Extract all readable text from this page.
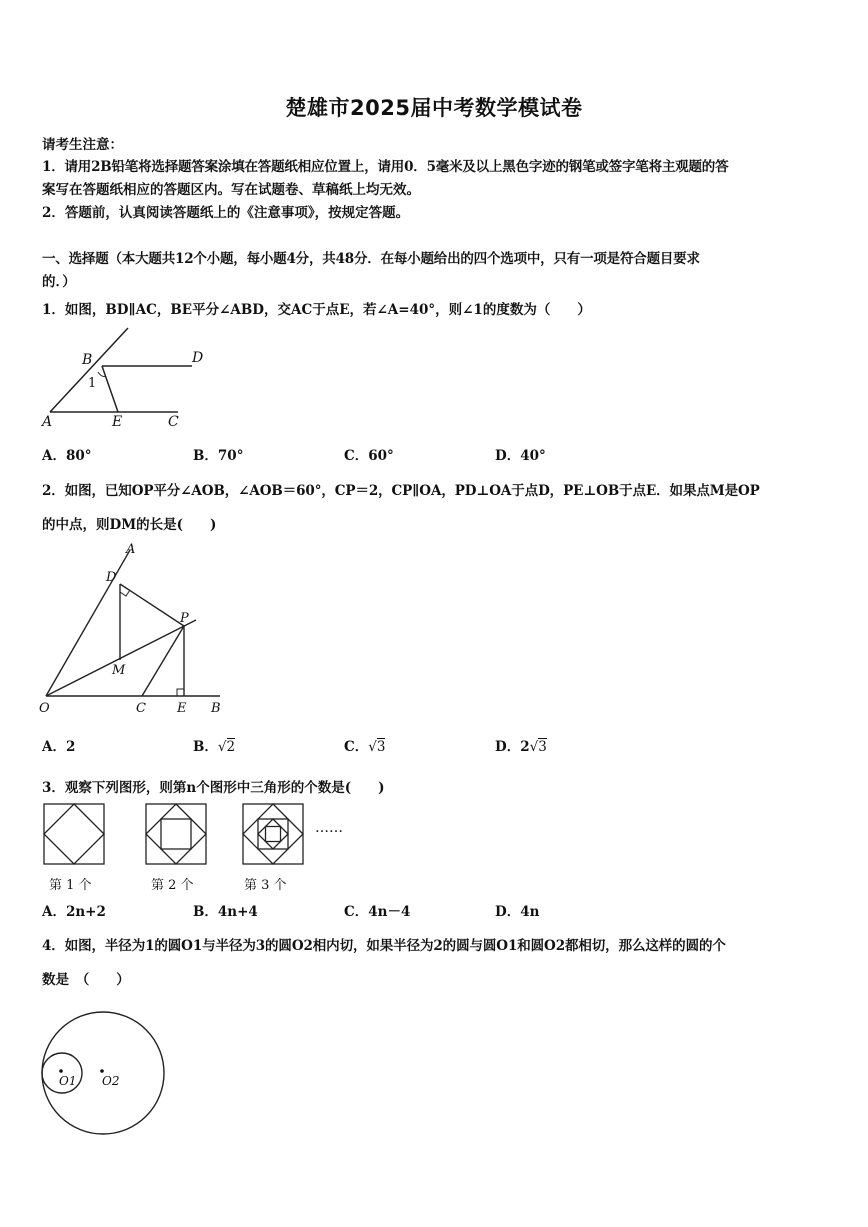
楚雄市2025届中考数学模试卷
请考生注意：
1．请用2B铅笔将选择题答案涂填在答题纸相应位置上，请用0．5毫米及以上黑色字迹的钢笔或签字笔将主观题的答
案写在答题纸相应的答题区内。写在试题卷、草稿纸上均无效。
2．答题前，认真阅读答题纸上的《注意事项》，按规定答题。
一、选择题（本大题共12个小题，每小题4分，共48分．在每小题给出的四个选项中，只有一项是符合题目要求
的．）
1．如图，BD∥AC，BE平分∠ABD，交AC于点E，若∠A=40°，则∠1的度数为（　　）
B	D
1
A	E	C
A．80°	B．70°	C．60°	D．40°
2．如图，已知OP平分∠AOB，∠AOB＝60°，CP＝2，CP∥OA，PD⊥OA于点D，PE⊥OB于点E．如果点M是OP
的中点，则DM的长是(　　)
A
D
P
M
O	C E B
A．2	B．√2	C．√3	D．2√3
3．观察下列图形，则第n个图形中三角形的个数是(　　)
……
第 1 个	第 2 个	第 3 个
A．2n+2	B．4n+4	C．4n－4	D．4n
4．如图，半径为1的圆O1与半径为3的圆O2相内切，如果半径为2的圆与圆O1和圆O2都相切，那么这样的圆的个
数是　（　　）
O1 O2
